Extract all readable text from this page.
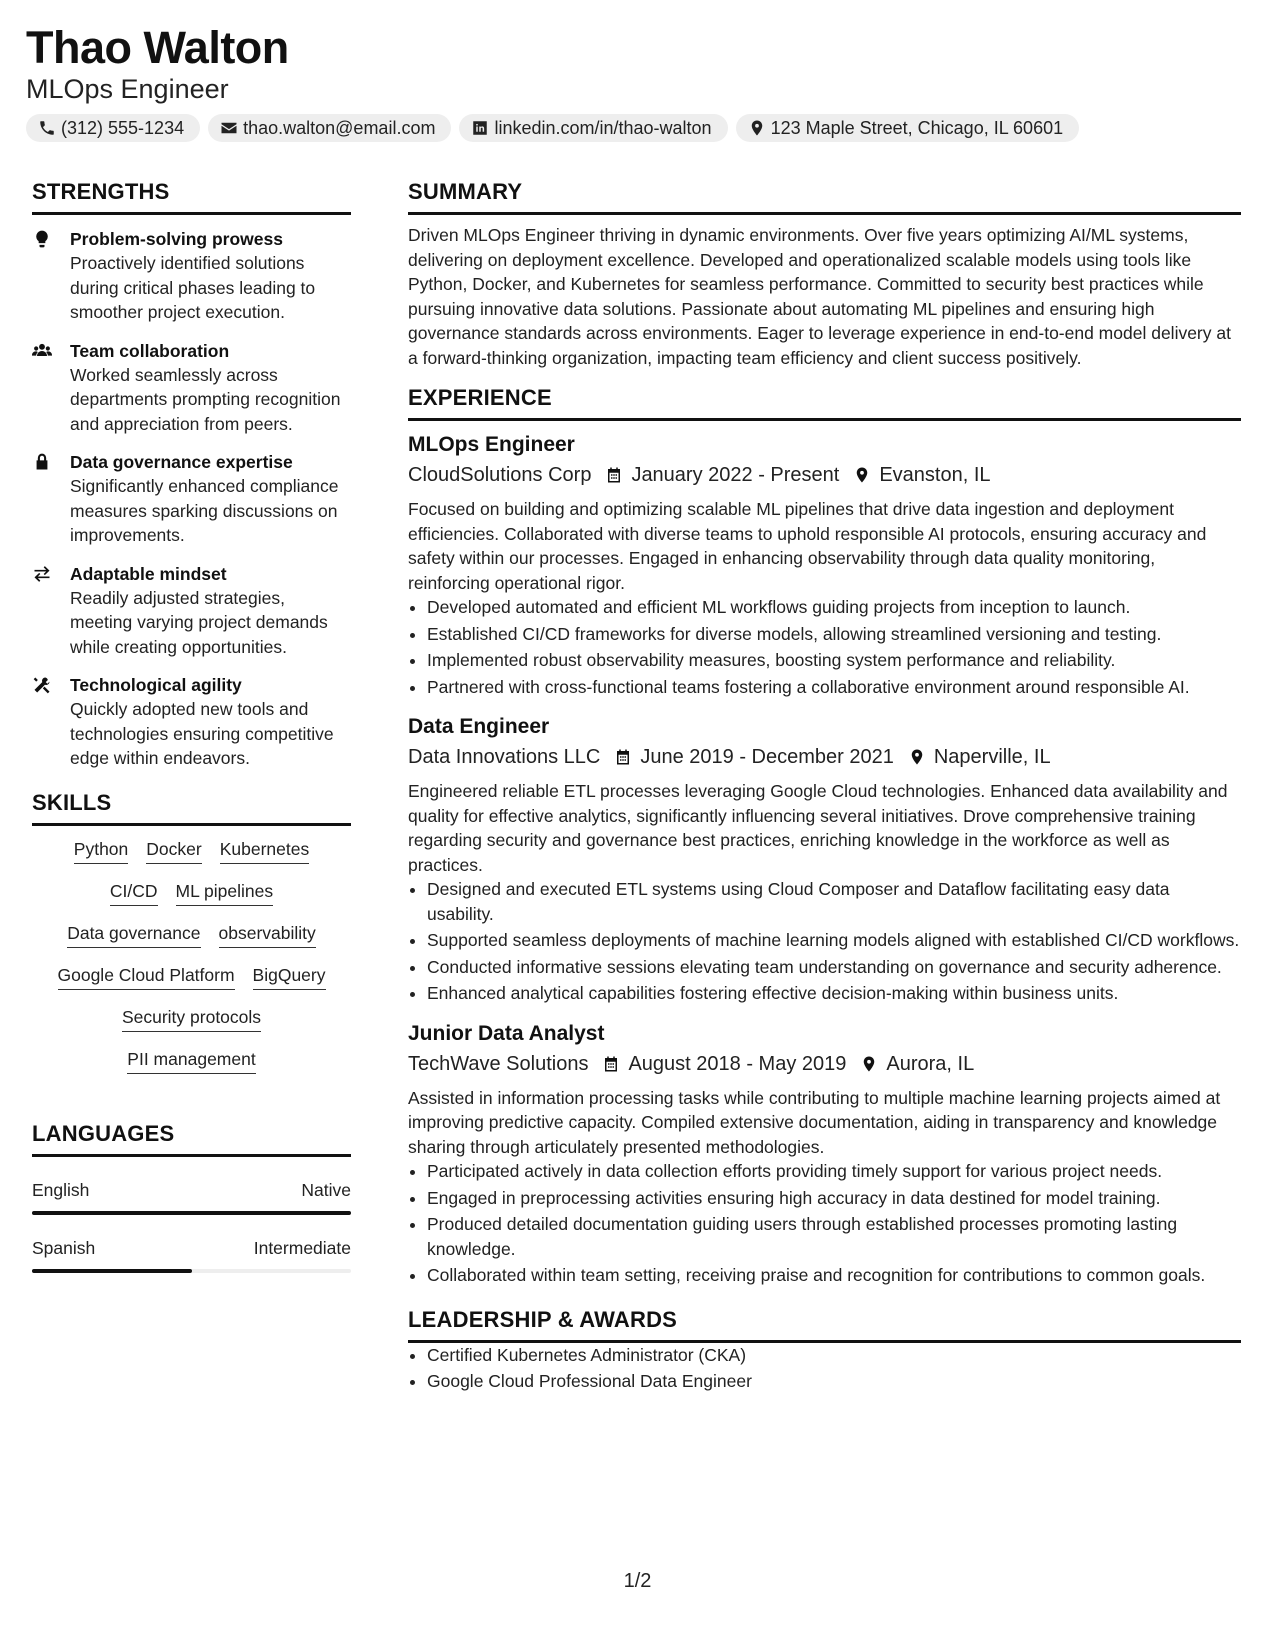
Thao Walton
MLOps Engineer
(312) 555-1234	thao.walton@email.com	linkedin.com/in/thao-walton	123 Maple Street, Chicago, IL 60601
STRENGTHS
Problem-solving prowess
Proactively identified solutions during critical phases leading to smoother project execution.
Team collaboration
Worked seamlessly across departments prompting recognition and appreciation from peers.
Data governance expertise
Significantly enhanced compliance measures sparking discussions on improvements.
Adaptable mindset
Readily adjusted strategies, meeting varying project demands while creating opportunities.
Technological agility
Quickly adopted new tools and technologies ensuring competitive edge within endeavors.
SKILLS
Python Docker Kubernetes
CI/CD ML pipelines
Data governance observability
Google Cloud Platform BigQuery
Security protocols
PII management
LANGUAGES
English	Native
Spanish	Intermediate
SUMMARY
Driven MLOps Engineer thriving in dynamic environments. Over five years optimizing AI/ML systems, delivering on deployment excellence. Developed and operationalized scalable models using tools like Python, Docker, and Kubernetes for seamless performance. Committed to security best practices while pursuing innovative data solutions. Passionate about automating ML pipelines and ensuring high governance standards across environments. Eager to leverage experience in end-to-end model delivery at a forward-thinking organization, impacting team efficiency and client success positively.
EXPERIENCE
MLOps Engineer
CloudSolutions Corp January 2022 - Present Evanston, IL
Focused on building and optimizing scalable ML pipelines that drive data ingestion and deployment efficiencies. Collaborated with diverse teams to uphold responsible AI protocols, ensuring accuracy and safety within our processes. Engaged in enhancing observability through data quality monitoring, reinforcing operational rigor.
• Developed automated and efficient ML workflows guiding projects from inception to launch.
• Established CI/CD frameworks for diverse models, allowing streamlined versioning and testing.
• Implemented robust observability measures, boosting system performance and reliability.
• Partnered with cross-functional teams fostering a collaborative environment around responsible AI.
Data Engineer
Data Innovations LLC June 2019 - December 2021 Naperville, IL
Engineered reliable ETL processes leveraging Google Cloud technologies. Enhanced data availability and quality for effective analytics, significantly influencing several initiatives. Drove comprehensive training regarding security and governance best practices, enriching knowledge in the workforce as well as practices.
• Designed and executed ETL systems using Cloud Composer and Dataflow facilitating easy data usability.
• Supported seamless deployments of machine learning models aligned with established CI/CD workflows.
• Conducted informative sessions elevating team understanding on governance and security adherence.
• Enhanced analytical capabilities fostering effective decision-making within business units.
Junior Data Analyst
TechWave Solutions August 2018 - May 2019 Aurora, IL
Assisted in information processing tasks while contributing to multiple machine learning projects aimed at improving predictive capacity. Compiled extensive documentation, aiding in transparency and knowledge sharing through articulately presented methodologies.
• Participated actively in data collection efforts providing timely support for various project needs.
• Engaged in preprocessing activities ensuring high accuracy in data destined for model training.
• Produced detailed documentation guiding users through established processes promoting lasting knowledge.
• Collaborated within team setting, receiving praise and recognition for contributions to common goals.
LEADERSHIP & AWARDS
• Certified Kubernetes Administrator (CKA)
• Google Cloud Professional Data Engineer
1/2
